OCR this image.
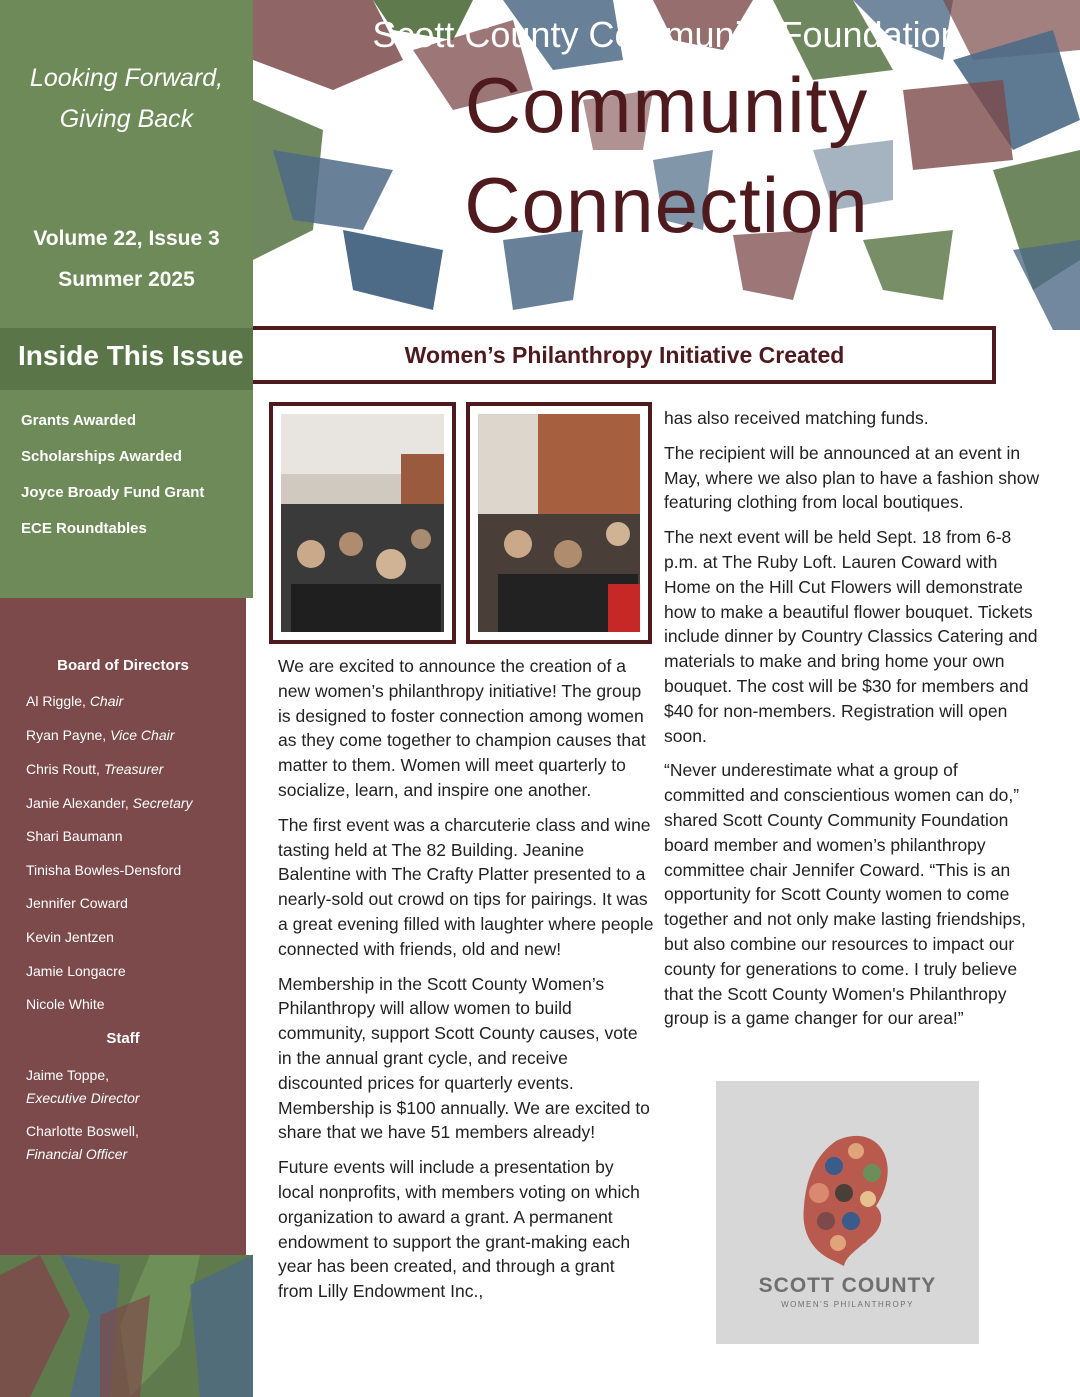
Looking Forward,
Giving Back
Volume 22, Issue 3
Summer 2025
Inside This Issue
Grants Awarded
Scholarships Awarded
Joyce Broady Fund Grant
ECE Roundtables
Board of Directors
Al Riggle, Chair
Ryan Payne, Vice Chair
Chris Routt, Treasurer
Janie Alexander, Secretary
Shari Baumann
Tinisha Bowles-Densford
Jennifer Coward
Kevin Jentzen
Jamie Longacre
Nicole White
Staff
Jaime Toppe,
Executive Director
Charlotte Boswell,
Financial Officer
Scott County Community Foundation
Community
Connection
Women’s Philanthropy Initiative Created

We are excited to announce the creation of a new women’s philanthropy initiative! The group is designed to foster connection among women as they come together to champion causes that matter to them. Women will meet quarterly to socialize, learn, and inspire one another.

The first event was a charcuterie class and wine tasting held at The 82 Building. Jeanine Balentine with The Crafty Platter presented to a nearly-sold out crowd on tips for pairings. It was a great evening filled with laughter where people connected with friends, old and new!

Membership in the Scott County Women’s Philanthropy will allow women to build community, support Scott County causes, vote in the annual grant cycle, and receive discounted prices for quarterly events. Membership is $100 annually. We are excited to share that we have 51 members already!

Future events will include a presentation by local nonprofits, with members voting on which organization to award a grant. A permanent endowment to support the grant-making each year has been created, and through a grant from Lilly Endowment Inc.,

has also received matching funds.

The recipient will be announced at an event in May, where we also plan to have a fashion show featuring clothing from local boutiques.

The next event will be held Sept. 18 from 6-8 p.m. at The Ruby Loft. Lauren Coward with Home on the Hill Cut Flowers will demonstrate how to make a beautiful flower bouquet. Tickets include dinner by Country Classics Catering and materials to make and bring home your own bouquet. The cost will be $30 for members and $40 for non-members. Registration will open soon.

“Never underestimate what a group of committed and conscientious women can do,” shared Scott County Community Foundation board member and women’s philanthropy committee chair Jennifer Coward. “This is an opportunity for Scott County women to come together and not only make lasting friendships, but also combine our resources to impact our county for generations to come. I truly believe that the Scott County Women's Philanthropy group is a game changer for our area!”

SCOTT COUNTY
WOMEN'S PHILANTHROPY
